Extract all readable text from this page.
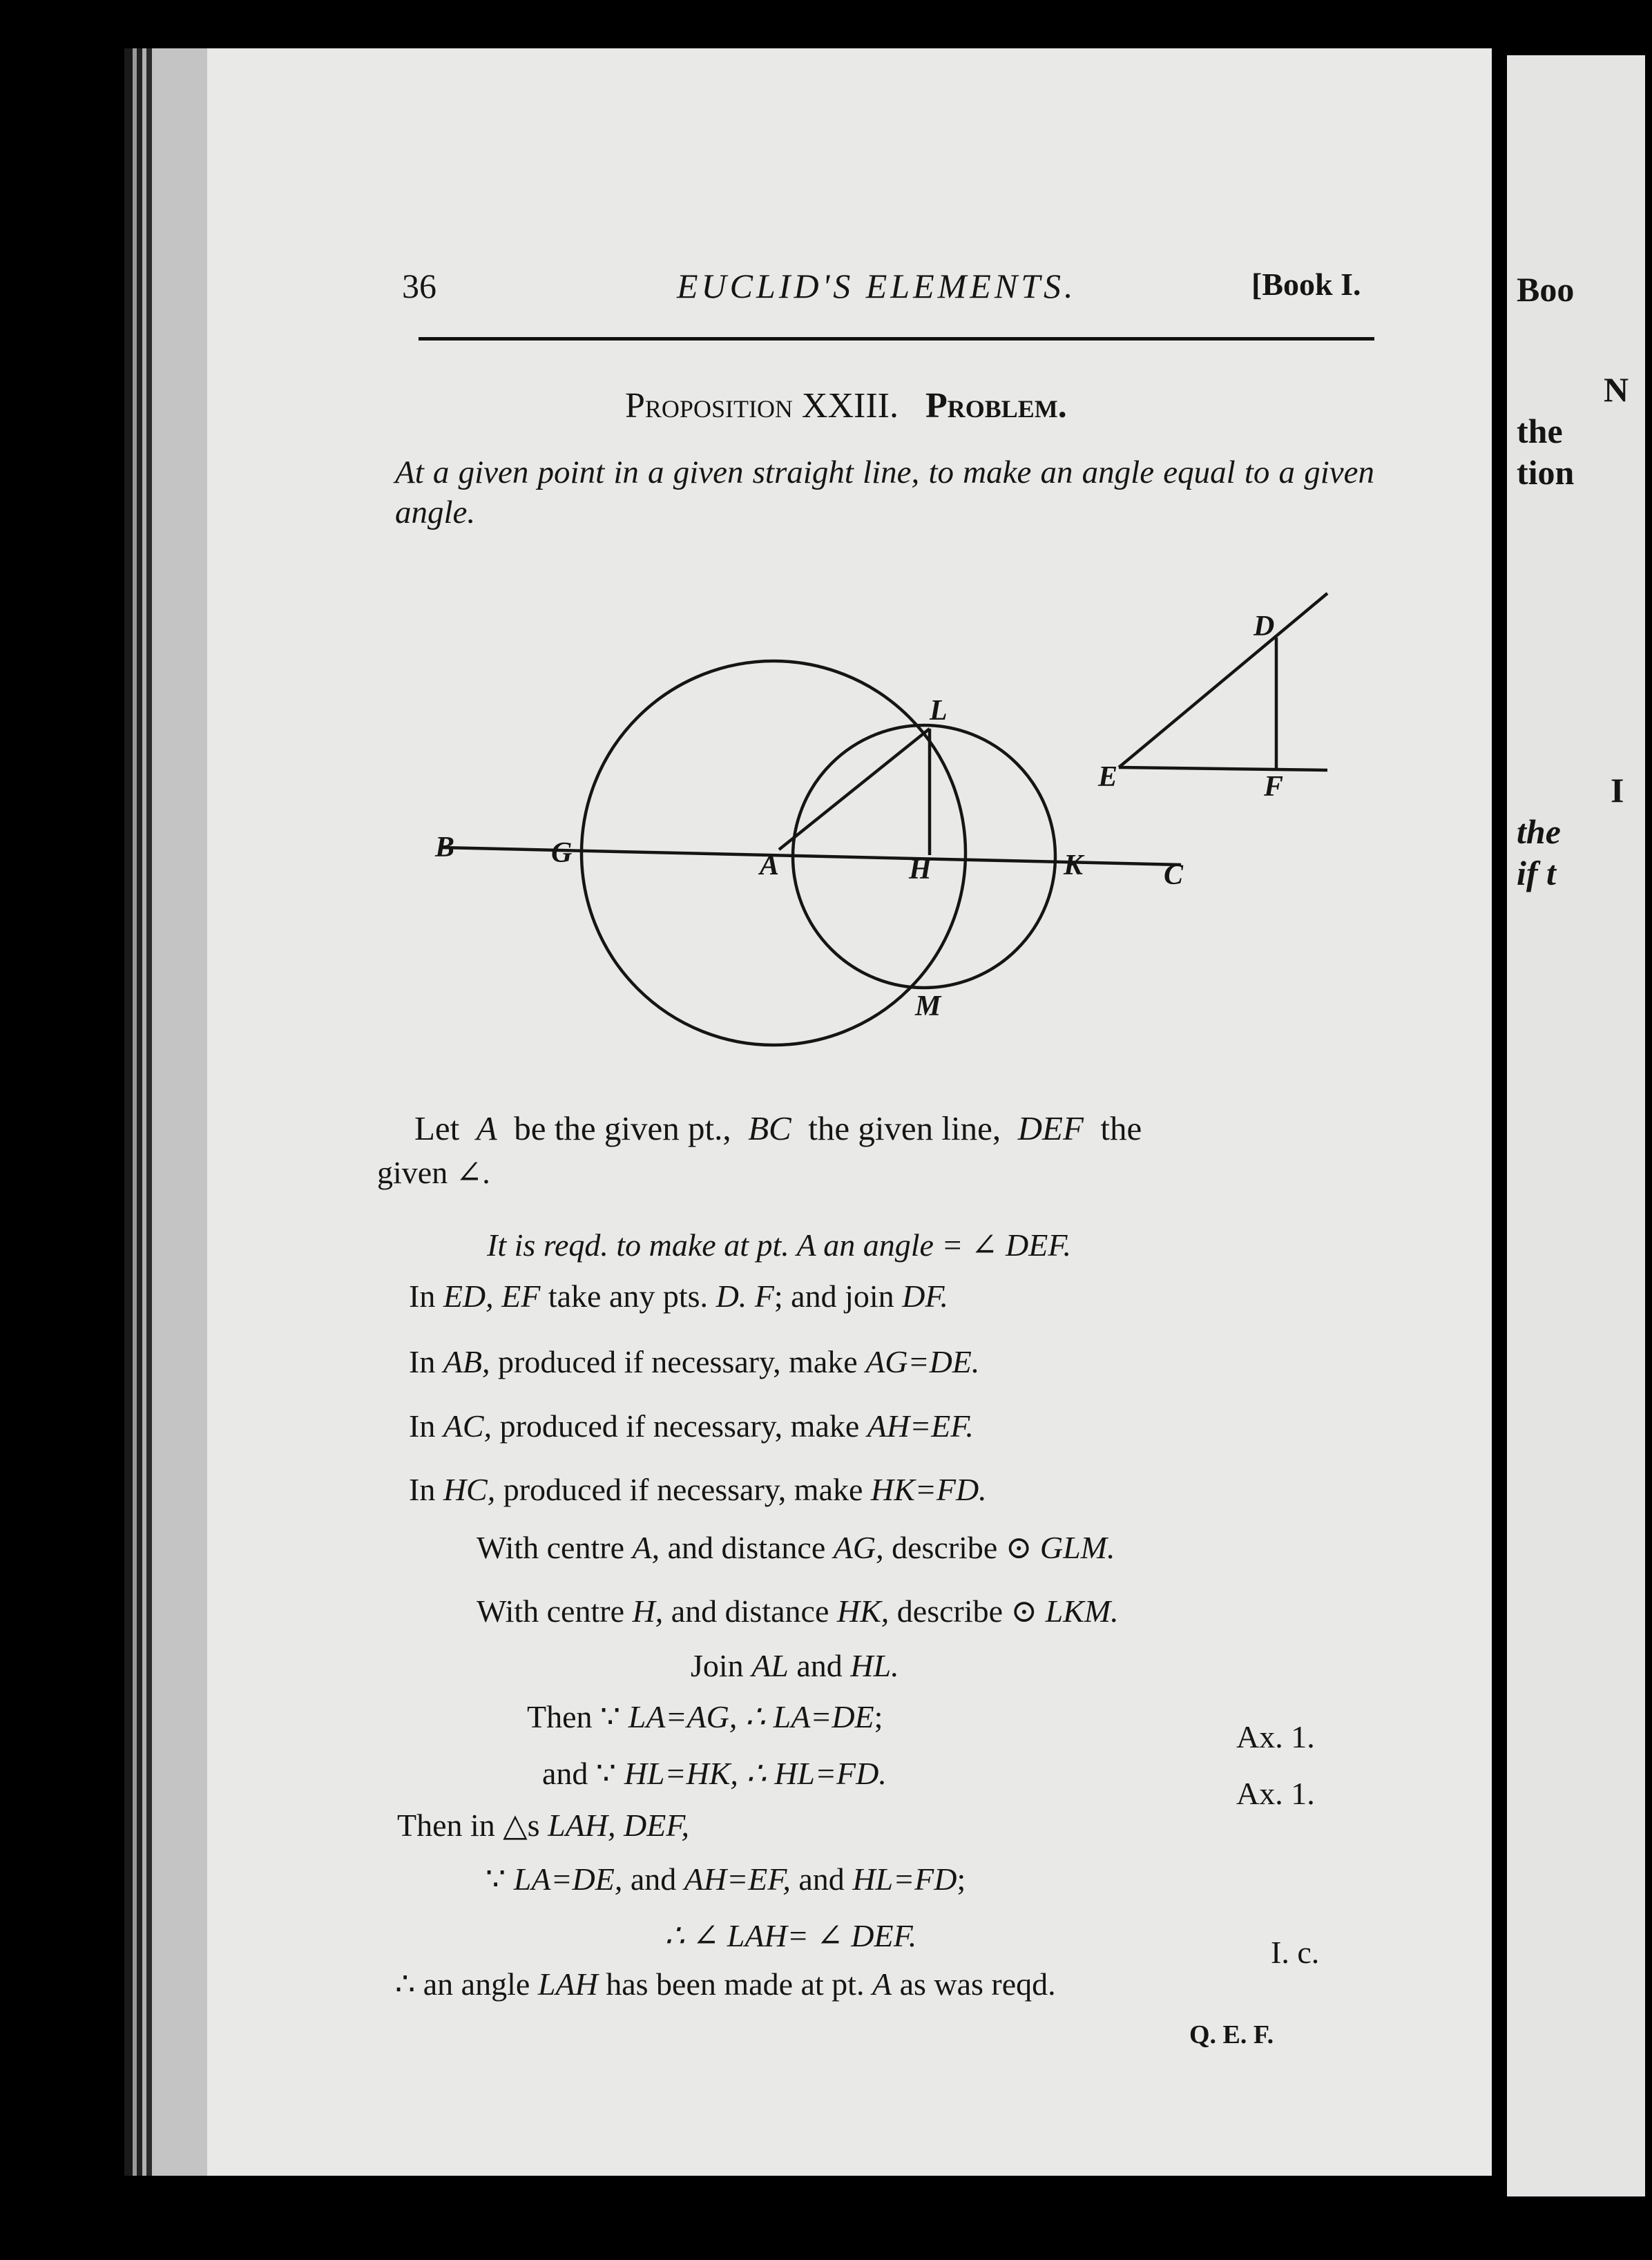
Boo
N
the
tion
I
the
if t
36	EUCLID'S ELEMENTS.	[Book I.
Proposition XXIII. Problem.
At a given point in a given straight line, to make an angle equal to a given angle.
B	G	A	H	K	C
L
M
D
E	F
Let A be the given pt., BC the given line, DEF the
given ∠.
It is reqd. to make at pt. A an angle = ∠ DEF.
In ED, EF take any pts. D. F; and join DF.
In AB, produced if necessary, make AG=DE.
In AC, produced if necessary, make AH=EF.
In HC, produced if necessary, make HK=FD.
With centre A, and distance AG, describe ⊙ GLM.
With centre H, and distance HK, describe ⊙ LKM.
Join AL and HL.
Then ∵ LA=AG, ∴ LA=DE;
and ∵ HL=HK, ∴ HL=FD.
Then in △s LAH, DEF,
∵ LA=DE, and AH=EF, and HL=FD;
∴ ∠ LAH= ∠ DEF.
∴ an angle LAH has been made at pt. A as was reqd.
Ax. 1.
Ax. 1.
I. c.
Q. E. F.
